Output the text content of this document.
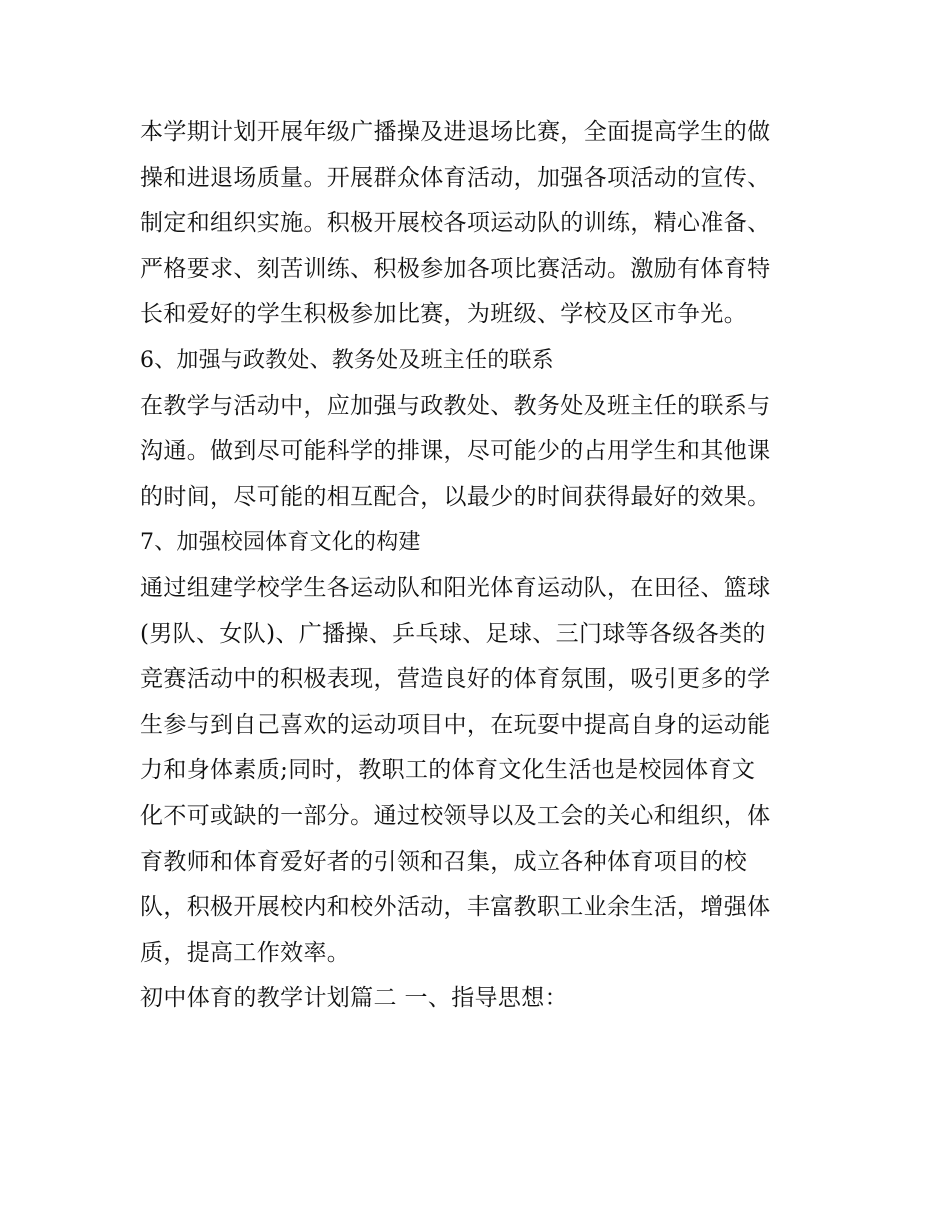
本学期计划开展年级广播操及进退场比赛，全面提高学生的做
操和进退场质量。开展群众体育活动，加强各项活动的宣传、
制定和组织实施。积极开展校各项运动队的训练，精心准备、
严格要求、刻苦训练、积极参加各项比赛活动。激励有体育特
长和爱好的学生积极参加比赛，为班级、学校及区市争光。
6、加强与政教处、教务处及班主任的联系
在教学与活动中，应加强与政教处、教务处及班主任的联系与
沟通。做到尽可能科学的排课，尽可能少的占用学生和其他课
的时间，尽可能的相互配合，以最少的时间获得最好的效果。
7、加强校园体育文化的构建
通过组建学校学生各运动队和阳光体育运动队，在田径、篮球
(男队、女队)、广播操、乒乓球、足球、三门球等各级各类的
竞赛活动中的积极表现，营造良好的体育氛围，吸引更多的学
生参与到自己喜欢的运动项目中，在玩耍中提高自身的运动能
力和身体素质;同时，教职工的体育文化生活也是校园体育文
化不可或缺的一部分。通过校领导以及工会的关心和组织，体
育教师和体育爱好者的引领和召集，成立各种体育项目的校
队，积极开展校内和校外活动，丰富教职工业余生活，增强体
质，提高工作效率。
初中体育的教学计划篇二 一、指导思想：
